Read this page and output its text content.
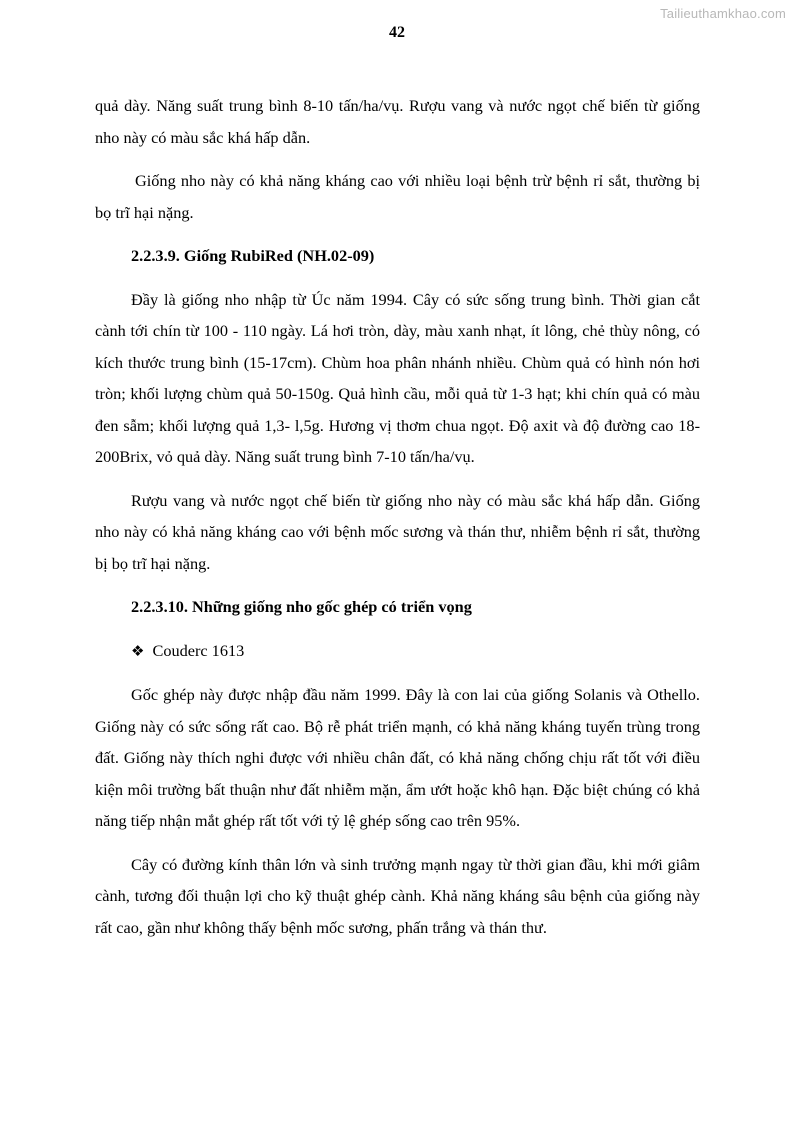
Tailieuthamkhao.com
42

quả dày. Năng suất trung bình 8-10 tấn/ha/vụ. Rượu vang và nước ngọt chế biến từ giống nho này có màu sắc khá hấp dẫn.

Giống nho này có khả năng kháng cao với nhiều loại bệnh trừ bệnh rỉ sắt, thường bị bọ trĩ hại nặng.

2.2.3.9. Giống RubiRed (NH.02-09)

Đầy là giống nho nhập từ Úc năm 1994. Cây có sức sống trung bình. Thời gian cắt cành tới chín từ 100 - 110 ngày. Lá hơi tròn, dày, màu xanh nhạt, ít lông, chẻ thùy nông, có kích thước trung bình (15-17cm). Chùm hoa phân nhánh nhiều. Chùm quả có hình nón hơi tròn; khối lượng chùm quả 50-150g. Quả hình cầu, mỗi quả từ 1-3 hạt; khi chín quả có màu đen sẫm; khối lượng quả 1,3- l,5g. Hương vị thơm chua ngọt. Độ axit và độ đường cao 18-200Brix, vỏ quả dày. Năng suất trung bình 7-10 tấn/ha/vụ.

Rượu vang và nước ngọt chế biến từ giống nho này có màu sắc khá hấp dẫn. Giống nho này có khả năng kháng cao với bệnh mốc sương và thán thư, nhiễm bệnh rỉ sắt, thường bị bọ trĩ hại nặng.

2.2.3.10. Những giống nho gốc ghép có triển vọng
❖ Couderc 1613

Gốc ghép này được nhập đầu năm 1999. Đây là con lai của giống Solanis và Othello. Giống này có sức sống rất cao. Bộ rễ phát triển mạnh, có khả năng kháng tuyến trùng trong đất. Giống này thích nghi được với nhiều chân đất, có khả năng chống chịu rất tốt với điều kiện môi trường bất thuận như đất nhiễm mặn, ẩm ướt hoặc khô hạn. Đặc biệt chúng có khả năng tiếp nhận mắt ghép rất tốt với tỷ lệ ghép sống cao trên 95%.

Cây có đường kính thân lớn và sinh trưởng mạnh ngay từ thời gian đầu, khi mới giâm cành, tương đối thuận lợi cho kỹ thuật ghép cành. Khả năng kháng sâu bệnh của giống này rất cao, gần như không thấy bệnh mốc sương, phấn trắng và thán thư.
